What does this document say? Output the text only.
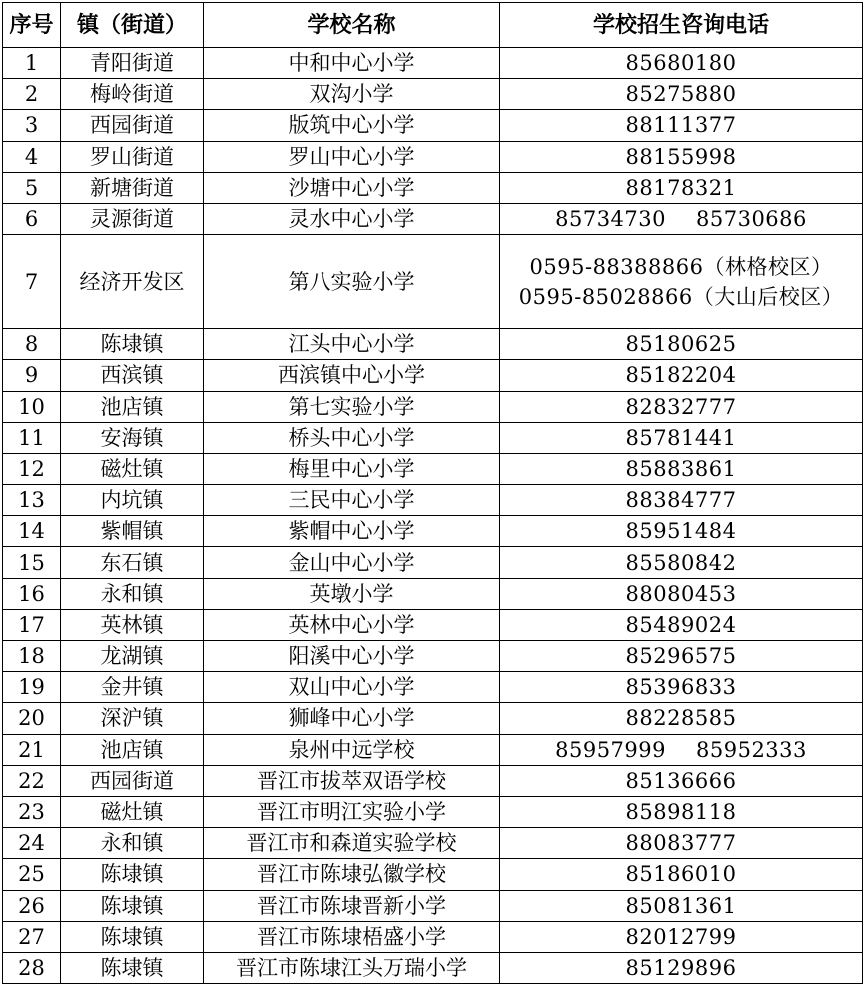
序号	镇（街道）	学校名称	学校招生咨询电话
1	青阳街道	中和中心小学	85680180
2	梅岭街道	双沟小学	85275880
3	西园街道	版筑中心小学	88111377
4	罗山街道	罗山中心小学	88155998
5	新塘街道	沙塘中心小学	88178321
6	灵源街道	灵水中心小学	85734730 85730686
7	经济开发区	第八实验小学	0595-88388866（林格校区）
0595-85028866（大山后校区）

8	陈埭镇	江头中心小学	85180625
9	西滨镇	西滨镇中心小学	85182204
10	池店镇	第七实验小学	82832777
11	安海镇	桥头中心小学	85781441
12	磁灶镇	梅里中心小学	85883861
13	内坑镇	三民中心小学	88384777
14	紫帽镇	紫帽中心小学	85951484
15	东石镇	金山中心小学	85580842
16	永和镇	英墩小学	88080453
17	英林镇	英林中心小学	85489024
18	龙湖镇	阳溪中心小学	85296575
19	金井镇	双山中心小学	85396833
20	深沪镇	狮峰中心小学	88228585
21	池店镇	泉州中远学校	85957999 85952333
22	西园街道	晋江市拔萃双语学校	85136666
23	磁灶镇	晋江市明江实验小学	85898118
24	永和镇	晋江市和森道实验学校	88083777
25	陈埭镇	晋江市陈埭弘徽学校	85186010
26	陈埭镇	晋江市陈埭晋新小学	85081361
27	陈埭镇	晋江市陈埭梧盛小学	82012799
28	陈埭镇	晋江市陈埭江头万瑞小学	85129896
